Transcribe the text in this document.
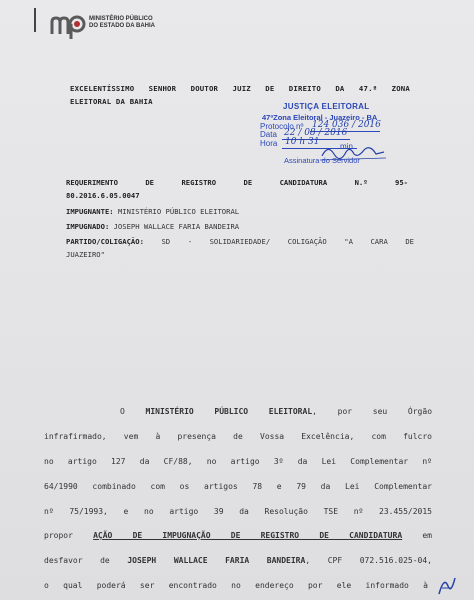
MINISTÉRIO PÚBLICO
DO ESTADO DA BAHIA
EXCELENTÍSSIMO SENHOR DOUTOR JUIZ DE DIREITO DA 47.ª ZONA
ELEITORAL DA BAHIA
JUSTIÇA ELEITORAL
47ªZona Eleitoral - Juazeiro - BA
Protocolo nº 124 036 / 2016
Data 22 / 08 / 2016
Hora 10 h 31	min
Assinatura do Servidor
REQUERIMENTO DE REGISTRO DE CANDIDATURA N.º 95-
80.2016.6.05.0047
IMPUGNANTE: MINISTÉRIO PÚBLICO ELEITORAL
IMPUGNADO: JOSEPH WALLACE FARIA BANDEIRA
PARTIDO/COLIGAÇÃO: SD - SOLIDARIEDADE/ COLIGAÇÃO "A CARA DE
JUAZEIRO"
O	MINISTÉRIO PÚBLICO ELEITORAL, por seu Órgão
infrafirmado, vem à presença de Vossa Excelência, com fulcro
no artigo 127 da CF/88, no artigo 3º da Lei Complementar nº
64/1990 combinado com os artigos 78 e 79 da Lei Complementar
nº 75/1993, e no artigo 39 da Resolução TSE nº 23.455/2015
propor	AÇÃO DE IMPUGNAÇÃO DE REGISTRO DE CANDIDATURA	em
desfavor de JOSEPH WALLACE FARIA BANDEIRA, CPF 072.516.025-04,
o qual poderá ser encontrado no endereço por ele informado à
